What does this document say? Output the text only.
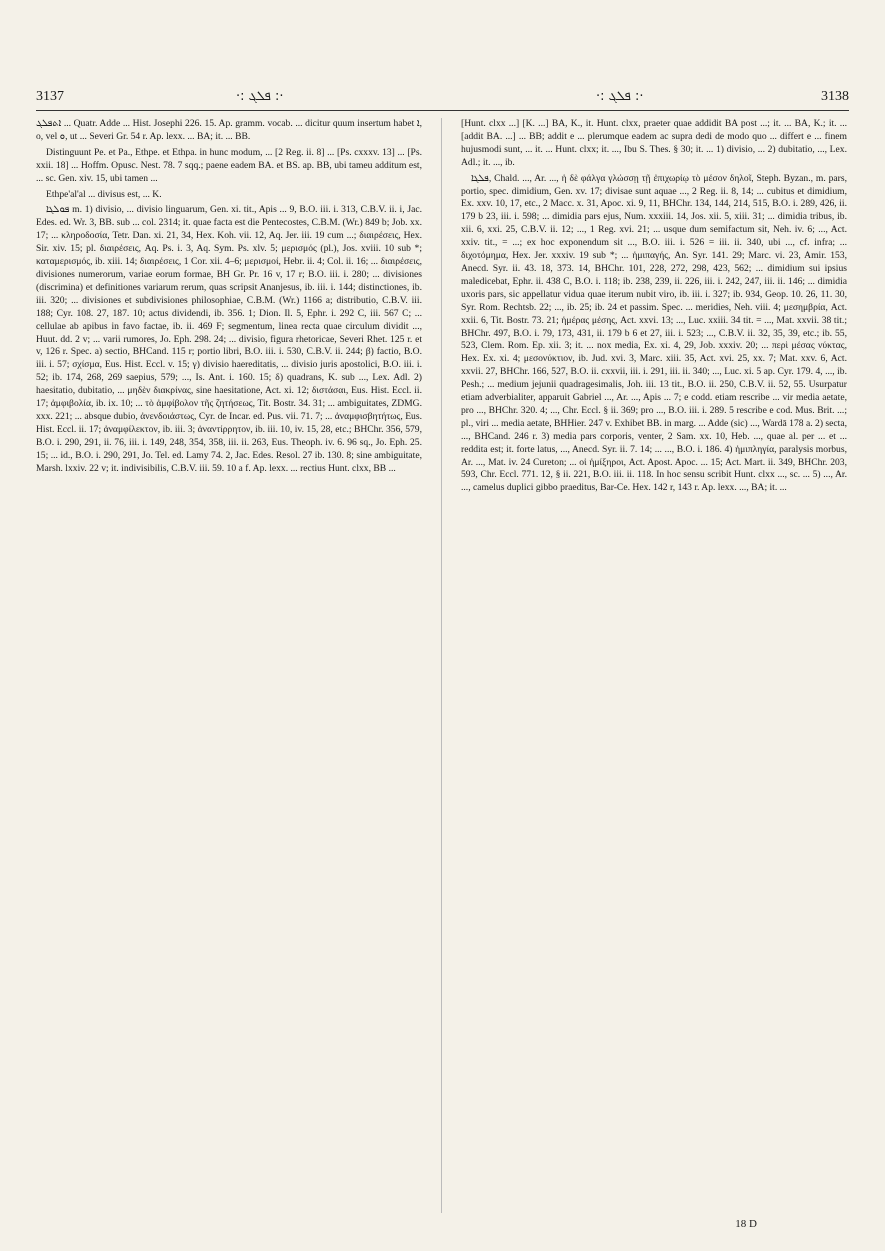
3137	·: ܦܠܓ :·	·: ܦܠܓ :·	3138

ܐܬܦܠܓ ... Quatr. Adde ... Hist. Josephi 226. 15. Ap. gramm. vocab. ... dicitur quum insertum habet ܐ, o, vel ܘ, ut ... Severi Gr. 54 r. Ap. lexx. ... BA; it. ... BB.

Distinguunt Pe. et Pa., Ethpe. et Ethpa. in hunc modum, ... [2 Reg. ii. 8] ... [Ps. cxxxv. 13] ... [Ps. xxii. 18] ... Hoffm. Opusc. Nest. 78. 7 sqq.; paene eadem BA. et BS. ap. BB, ubi tameu additum est, ... sc. Gen. xiv. 15, ubi tamen ...

Ethpe'al'al ... divisus est, ... K.

ܦܘܠܓܐ m. 1) divisio, ... divisio linguarum, Gen. xi. tit., Apis ... 9, B.O. iii. i. 313, C.B.V. ii. i, Jac. Edes. ed. Wr. 3, BB. sub ... col. 2314; it. quae facta est die Pentecostes, C.B.M. (Wr.) 849 b; Job. xx. 17; ... κληροδοσία, Tetr. Dan. xi. 21, 34, Hex. Koh. vii. 12, Aq. Jer. iii. 19 cum ...; διαιρέσεις, Hex. Sir. xiv. 15; pl. διαιρέσεις, Aq. Ps. i. 3, Aq. Sym. Ps. xlv. 5; μερισμός (pl.), Jos. xviii. 10 sub *; καταμερισμός, ib. xiii. 14; διαιρέσεις, 1 Cor. xii. 4–6; μερισμοί, Hebr. ii. 4; Col. ii. 16; ... διαιρέσεις, divisiones numerorum, variae eorum formae, BH Gr. Pr. 16 v, 17 r; B.O. iii. i. 280; ... divisiones (discrimina) et definitiones variarum rerum, quas scripsit Ananjesus, ib. iii. i. 144; distinctiones, ib. iii. 320; ... divisiones et subdivisiones philosophiae, C.B.M. (Wr.) 1166 a; distributio, C.B.V. iii. 188; Cyr. 108. 27, 187. 10; actus dividendi, ib. 356. 1; Dion. Il. 5, Ephr. i. 292 C, iii. 567 C; ... cellulae ab apibus in favo factae, ib. ii. 469 F; segmentum, linea recta quae circulum dividit ..., Huut. dd. 2 v; ... varii rumores, Jo. Eph. 298. 24; ... divisio, figura rhetoricae, Severi Rhet. 125 r. et v, 126 r. Spec. a) sectio, BHCand. 115 r; portio libri, B.O. iii. i. 530, C.B.V. ii. 244; β) factio, B.O. iii. i. 57; σχίσμα, Eus. Hist. Eccl. v. 15; γ) divisio haereditatis, ... divisio juris apostolici, B.O. iii. i. 52; ib. 174, 268, 269 saepius, 579; ..., Is. Ant. i. 160. 15; δ) quadrans, K. sub ..., Lex. Adl. 2) haesitatio, dubitatio, ... μηδὲν διακρίνας, sine haesitatione, Act. xi. 12; διστάσαι, Eus. Hist. Eccl. ii. 17; ἀμφιβολία, ib. ix. 10; ... τὸ ἀμφίβολον τῆς ζητήσεως, Tit. Bostr. 34. 31; ... ambiguitates, ZDMG. xxx. 221; ... absque dubio, ἀνενδοιάστως, Cyr. de Incar. ed. Pus. vii. 71. 7; ... ἀναμφισβητήτως, Eus. Hist. Eccl. ii. 17; ἀναμφίλεκτον, ib. iii. 3; ἀναντίρρητον, ib. iii. 10, iv. 15, 28, etc.; BHChr. 356, 579, B.O. i. 290, 291, ii. 76, iii. i. 149, 248, 354, 358, iii. ii. 263, Eus. Theoph. iv. 6. 96 sq., Jo. Eph. 25. 15; ... id., B.O. i. 290, 291, Jo. Tel. ed. Lamy 74. 2, Jac. Edes. Resol. 27 ib. 130. 8; sine ambiguitate, Marsh. lxxiv. 22 v; it. indivisibilis, C.B.V. iii. 59. 10 a f. Ap. lexx. ... rectius Hunt. clxx, BB ...

[Hunt. clxx ...] [K. ...] BA, K., it. Hunt. clxx, praeter quae addidit BA post ...; it. ... BA, K.; it. ... [addit BA. ...] ... BB; addit e ... plerumque eadem ac supra dedi de modo quo ... differt e ... finem hujusmodi sunt, ... it. ... Hunt. clxx; it. ..., Ibu S. Thes. § 30; it. ... 1) divisio, ... 2) dubitatio, ..., Lex. Adl.; it. ..., ib.

ܦܠܓܐ, Chald. ..., Ar. ..., ἡ δὲ φάλγα γλώσσῃ τῇ ἐπιχωρίῳ τὸ μέσον δηλοῖ, Steph. Byzan., m. pars, portio, spec. dimidium, Gen. xv. 17; divisae sunt aquae ..., 2 Reg. ii. 8, 14; ... cubitus et dimidium, Ex. xxv. 10, 17, etc., 2 Macc. x. 31, Apoc. xi. 9, 11, BHChr. 134, 144, 214, 515, B.O. i. 289, 426, ii. 179 b 23, iii. i. 598; ... dimidia pars ejus, Num. xxxiii. 14, Jos. xii. 5, xiii. 31; ... dimidia tribus, ib. xii. 6, xxi. 25, C.B.V. ii. 12; ..., 1 Reg. xvi. 21; ... usque dum semifactum sit, Neh. iv. 6; ..., Act. xxiv. tit., = ...; ex hoc exponendum sit ..., B.O. iii. i. 526 = iii. ii. 340, ubi ..., cf. infra; ... διχοτόμημα, Hex. Jer. xxxiv. 19 sub *; ... ἡμιπαγής, An. Syr. 141. 29; Marc. vi. 23, Amir. 153, Anecd. Syr. ii. 43. 18, 373. 14, BHChr. 101, 228, 272, 298, 423, 562; ... dimidium sui ipsius maledicebat, Ephr. ii. 438 C, B.O. i. 118; ib. 238, 239, ii. 226, iii. i. 242, 247, iii. ii. 146; ... dimidia uxoris pars, sic appellatur vidua quae iterum nubit viro, ib. iii. i. 327; ib. 934, Geop. 10. 26, 11. 30, Syr. Rom. Rechtsb. 22; ..., ib. 25; ib. 24 et passim. Spec. ... meridies, Neh. viii. 4; μεσημβρία, Act. xxii. 6, Tit. Bostr. 73. 21; ἡμέρας μέσης, Act. xxvi. 13; ..., Luc. xxiii. 34 tit. = ..., Mat. xxvii. 38 tit.; BHChr. 497, B.O. i. 79, 173, 431, ii. 179 b 6 et 27, iii. i. 523; ..., C.B.V. ii. 32, 35, 39, etc.; ib. 55, 523, Clem. Rom. Ep. xii. 3; it. ... nox media, Ex. xi. 4, 29, Job. xxxiv. 20; ... περὶ μέσας νύκτας, Hex. Ex. xi. 4; μεσονύκτιον, ib. Jud. xvi. 3, Marc. xiii. 35, Act. xvi. 25, xx. 7; Mat. xxv. 6, Act. xxvii. 27, BHChr. 166, 527, B.O. ii. cxxvii, iii. i. 291, iii. ii. 340; ..., Luc. xi. 5 ap. Cyr. 179. 4, ..., ib. Pesh.; ... medium jejunii quadragesimalis, Joh. iii. 13 tit., B.O. ii. 250, C.B.V. ii. 52, 55. Usurpatur etiam adverbialiter, apparuit Gabriel ..., Ar. ..., Apis ... 7; e codd. etiam rescribe ... vir media aetate, pro ..., BHChr. 320. 4; ..., Chr. Eccl. § ii. 369; pro ..., B.O. iii. i. 289. 5 rescribe e cod. Mus. Brit. ...; pl., viri ... media aetate, BHHier. 247 v. Exhibet BB. in marg. ... Adde (sic) ..., Wardā 178 a. 2) secta, ..., BHCand. 246 r. 3) media pars corporis, venter, 2 Sam. xx. 10, Heb. ..., quae al. per ... et ... reddita est; it. forte latus, ..., Anecd. Syr. ii. 7. 14; ... ..., B.O. i. 186. 4) ἡμιπληγία, paralysis morbus, Ar. ..., Mat. iv. 24 Cureton; ... οἱ ἡμίξηροι, Act. Apost. Apoc. ... 15; Act. Mart. ii. 349, BHChr. 203, 593, Chr. Eccl. 771. 12, § ii. 221, B.O. iii. ii. 118. In hoc sensu scribit Hunt. clxx ..., sc. ... 5) ..., Ar. ..., camelus duplici gibbo praeditus, Bar-Ce. Hex. 142 r, 143 r. Ap. lexx. ..., BA; it. ...

18 D
